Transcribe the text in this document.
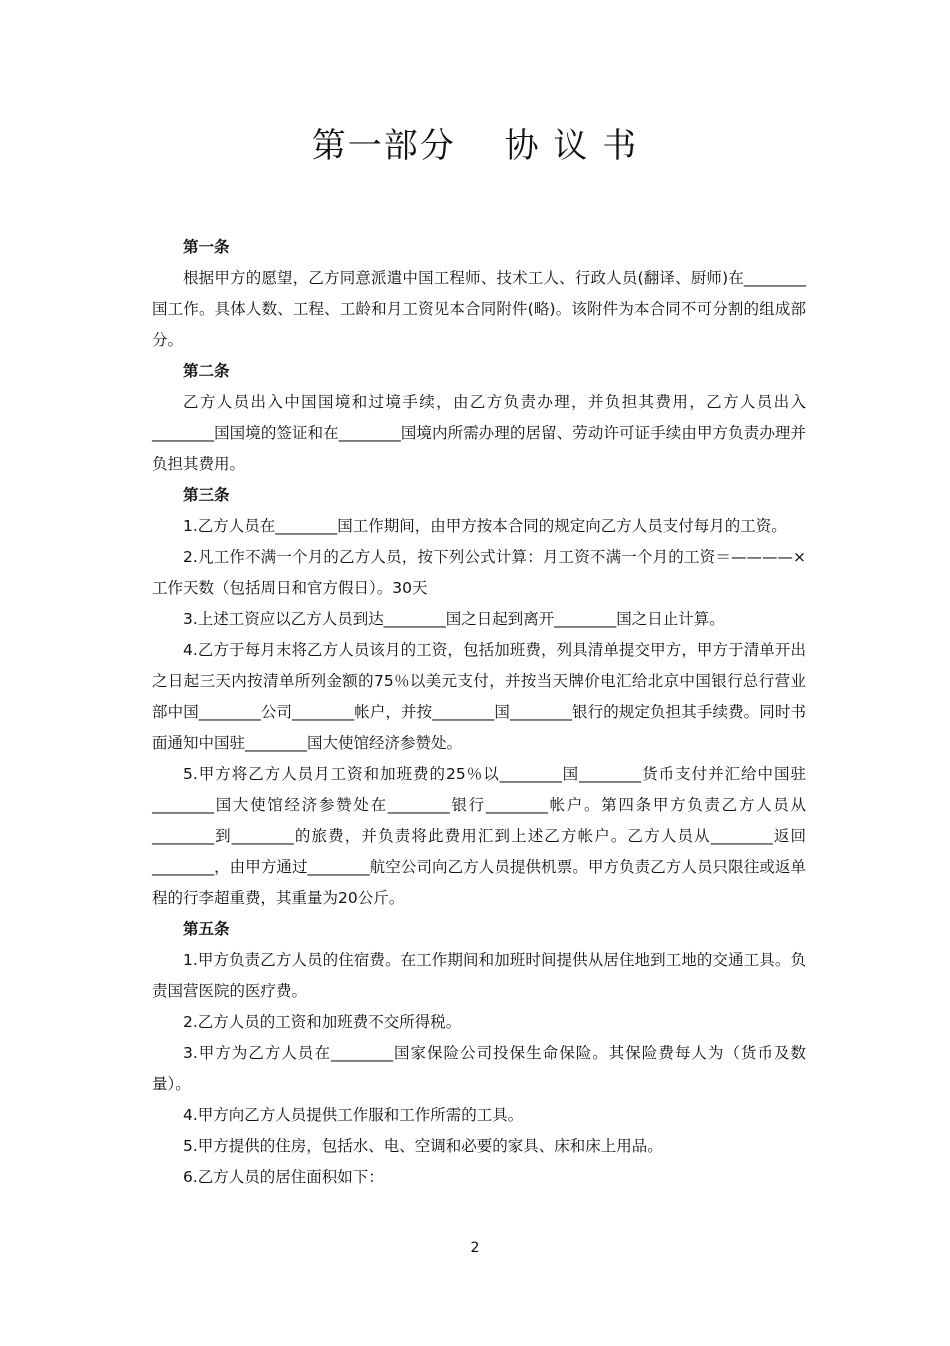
第一部分　 协 议 书

第一条

根据甲方的愿望，乙方同意派遣中国工程师、技术工人、行政人员(翻译、厨师)在________国工作。具体人数、工程、工龄和月工资见本合同附件(略)。该附件为本合同不可分割的组成部分。

第二条

乙方人员出入中国国境和过境手续，由乙方负责办理，并负担其费用，乙方人员出入________国国境的签证和在________国境内所需办理的居留、劳动许可证手续由甲方负责办理并负担其费用。

第三条

1.乙方人员在________国工作期间，由甲方按本合同的规定向乙方人员支付每月的工资。

2.凡工作不满一个月的乙方人员，按下列公式计算：月工资不满一个月的工资＝————×工作天数（包括周日和官方假日）。30天

3.上述工资应以乙方人员到达________国之日起到离开________国之日止计算。

4.乙方于每月末将乙方人员该月的工资，包括加班费，列具清单提交甲方，甲方于清单开出之日起三天内按清单所列金额的75％以美元支付，并按当天牌价电汇给北京中国银行总行营业部中国________公司________帐户，并按________国________银行的规定负担其手续费。同时书面通知中国驻________国大使馆经济参赞处。

5.甲方将乙方人员月工资和加班费的25％以________国________货币支付并汇给中国驻________国大使馆经济参赞处在________银行________帐户。第四条甲方负责乙方人员从________到________的旅费，并负责将此费用汇到上述乙方帐户。乙方人员从________返回________，由甲方通过________航空公司向乙方人员提供机票。甲方负责乙方人员只限往或返单程的行李超重费，其重量为20公斤。

第五条

1.甲方负责乙方人员的住宿费。在工作期间和加班时间提供从居住地到工地的交通工具。负责国营医院的医疗费。

2.乙方人员的工资和加班费不交所得税。

3.甲方为乙方人员在________国家保险公司投保生命保险。其保险费每人为（货币及数量）。

4.甲方向乙方人员提供工作服和工作所需的工具。

5.甲方提供的住房，包括水、电、空调和必要的家具、床和床上用品。

6.乙方人员的居住面积如下：

2
